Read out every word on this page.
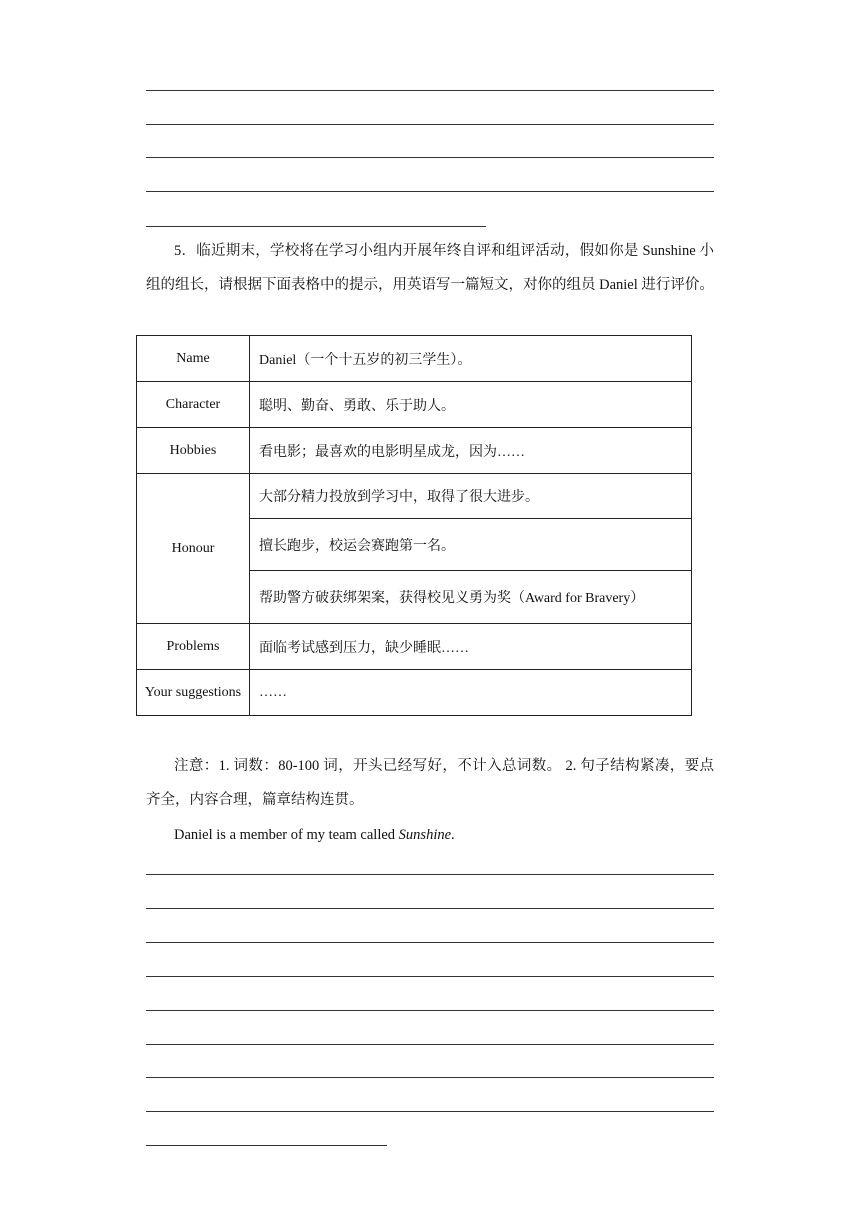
5．临近期末，学校将在学习小组内开展年终自评和组评活动，假如你是 Sunshine 小组的组长，请根据下面表格中的提示，用英语写一篇短文，对你的组员 Daniel 进行评价。

Name	Daniel（一个十五岁的初三学生）。
Character	聪明、勤奋、勇敢、乐于助人。
Hobbies	看电影；最喜欢的电影明星成龙，因为……
Honour	大部分精力投放到学习中，取得了很大进步。
	擅长跑步，校运会赛跑第一名。
	帮助警方破获绑架案，获得校见义勇为奖（Award for Bravery）
Problems	面临考试感到压力，缺少睡眠……
Your suggestions	……

注意：1. 词数：80-100 词，开头已经写好，不计入总词数。 2. 句子结构紧凑，要点齐全，内容合理，篇章结构连贯。

Daniel is a member of my team called Sunshine.
